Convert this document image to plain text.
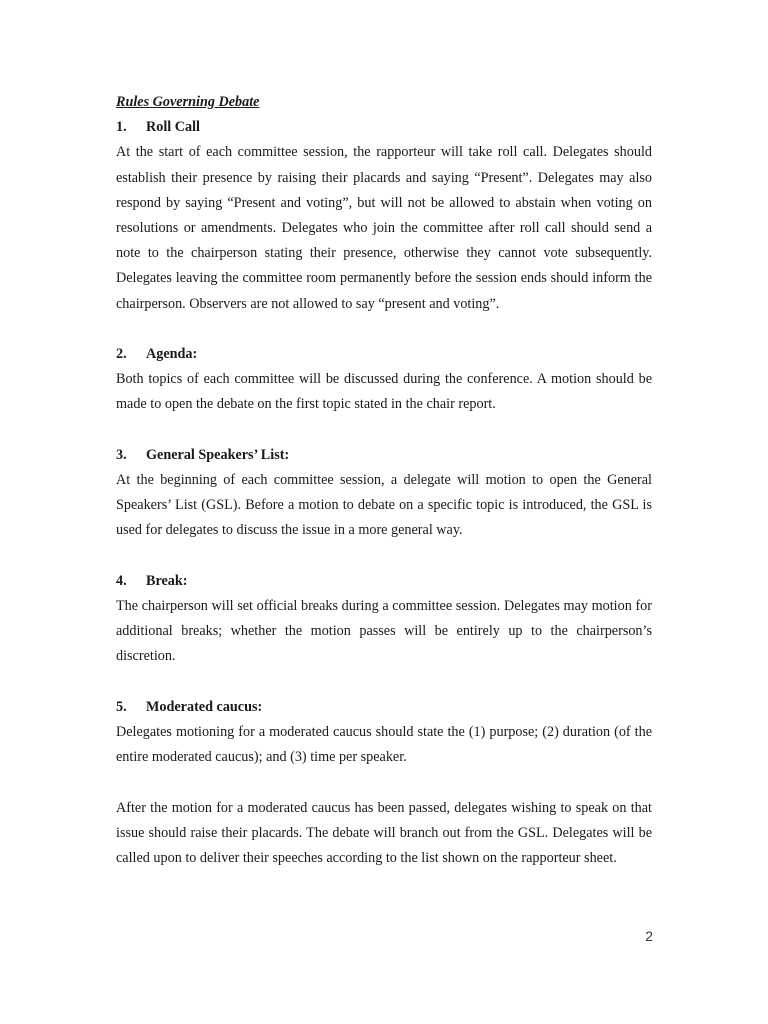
Rules Governing Debate

1.	Roll Call

At the start of each committee session, the rapporteur will take roll call. Delegates should establish their presence by raising their placards and saying “Present”. Delegates may also respond by saying “Present and voting”, but will not be allowed to abstain when voting on resolutions or amendments. Delegates who join the committee after roll call should send a note to the chairperson stating their presence, otherwise they cannot vote subsequently. Delegates leaving the committee room permanently before the session ends should inform the chairperson. Observers are not allowed to say “present and voting”.

2.	Agenda:

Both topics of each committee will be discussed during the conference. A motion should be made to open the debate on the first topic stated in the chair report.

3.	General Speakers’ List:

At the beginning of each committee session, a delegate will motion to open the General Speakers’ List (GSL). Before a motion to debate on a specific topic is introduced, the GSL is used for delegates to discuss the issue in a more general way.

4.	Break:

The chairperson will set official breaks during a committee session. Delegates may motion for additional breaks; whether the motion passes will be entirely up to the chairperson’s discretion.

5.	Moderated caucus:

Delegates motioning for a moderated caucus should state the (1) purpose; (2) duration (of the entire moderated caucus); and (3) time per speaker.

After the motion for a moderated caucus has been passed, delegates wishing to speak on that issue should raise their placards. The debate will branch out from the GSL. Delegates will be called upon to deliver their speeches according to the list shown on the rapporteur sheet.

2
